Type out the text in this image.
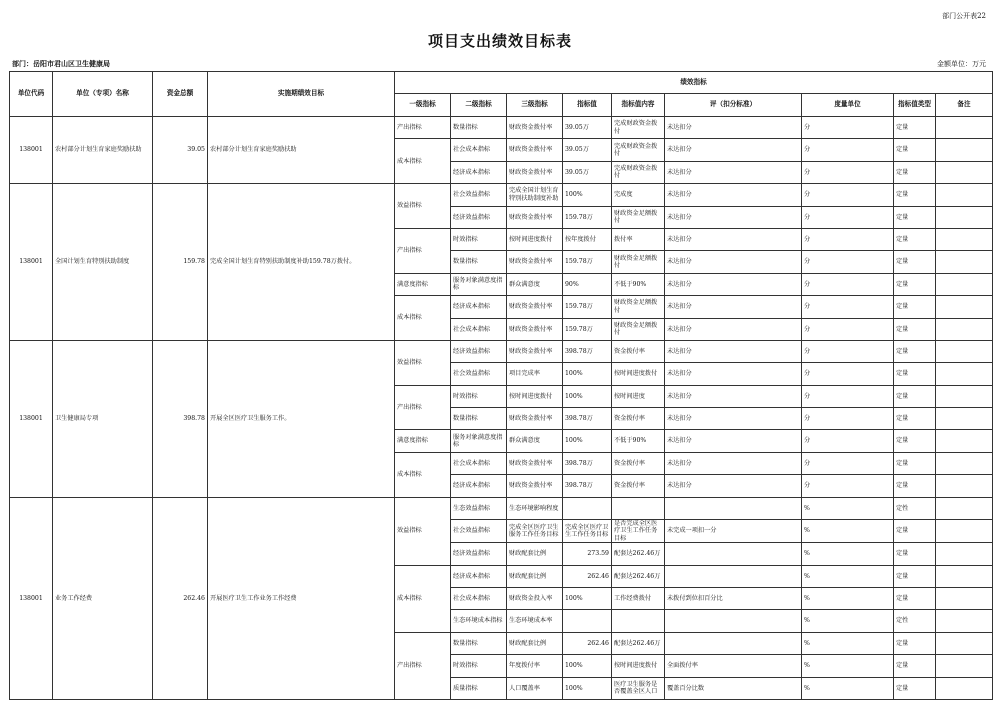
部门公开表22
项目支出绩效目标表
部门：岳阳市君山区卫生健康局	金额单位：万元
单位代码	单位（专项）名称	资金总额	实施期绩效目标	绩效指标								
				一级指标	二级指标	三级指标	指标值	指标值内容	评（扣分标准）	度量单位	指标值类型	备注
138001	农村部分计划生育家庭奖励扶助	39.05	农村部分计划生育家庭奖励扶助	产出指标	数量指标	财政资金拨付率	39.05万	完成财政资金拨付	未达扣分	分	定量	
				成本指标	社会成本指标	财政资金拨付率	39.05万	完成财政资金拨付	未达扣分	分	定量	
					经济成本指标	财政资金拨付率	39.05万	完成财政资金拨付	未达扣分	分	定量	
138001	全国计划生育特别扶助制度	159.78	完成全国计划生育特别扶助制度补助159.78万拨付。	效益指标	社会效益指标	完成全国计划生育特别扶助制度补助	100%	完成度	未达扣分	分	定量	
					经济效益指标	财政资金拨付率	159.78万	财政资金足额拨付	未达扣分	分	定量	
				产出指标	时效指标	按时间进度拨付	按年度拨付	拨付率	未达扣分	分	定量	
					数量指标	财政资金拨付率	159.78万	财政资金足额拨付	未达扣分	分	定量	
				满意度指标	服务对象满意度指标	群众满意度	90%	不低于90%	未达扣分	分	定量	
				成本指标	经济成本指标	财政资金拨付率	159.78万	财政资金足额拨付	未达扣分	分	定量	
					社会成本指标	财政资金拨付率	159.78万	财政资金足额拨付	未达扣分	分	定量	
138001	卫生健康局专项	398.78	开展全区医疗卫生服务工作。	效益指标	经济效益指标	财政资金拨付率	398.78万	资金拨付率	未达扣分	分	定量	
					社会效益指标	项目完成率	100%	按时间进度拨付	未达扣分	分	定量	
				产出指标	时效指标	按时间进度拨付	100%	按时间进度	未达扣分	分	定量	
					数量指标	财政资金拨付率	398.78万	资金拨付率	未达扣分	分	定量	
				满意度指标	服务对象满意度指标	群众满意度	100%	不低于90%	未达扣分	分	定量	
				成本指标	社会成本指标	财政资金拨付率	398.78万	资金拨付率	未达扣分	分	定量	
					经济成本指标	财政资金拨付率	398.78万	资金拨付率	未达扣分	分	定量	
138001	业务工作经费	262.46	开展医疗卫生工作业务工作经费	效益指标	生态效益指标	生态环境影响程度				%	定性	
					社会效益指标	完成全区医疗卫生服务工作任务目标	完成全区医疗卫生工作任务目标	是否完成全区医疗卫生工作任务目标	未完成一项扣一分	%	定量	
					经济效益指标	财政配套比例	273.59	配套达262.46万		%	定量	
				成本指标	经济成本指标	财政配套比例	262.46	配套达262.46万		%	定量	
					社会成本指标	财政资金投入率	100%	工作经费拨付	未拨付到位扣百分比	%	定量	
					生态环境成本指标	生态环境成本率				%	定性	
				产出指标	数量指标	财政配套比例	262.46	配套达262.46万		%	定量	
					时效指标	年度拨付率	100%	按时间进度拨付	全面拨付率	%	定量	
					质量指标	人口覆盖率	100%	医疗卫生服务是否覆盖全区人口	覆盖百分比数	%	定量	
